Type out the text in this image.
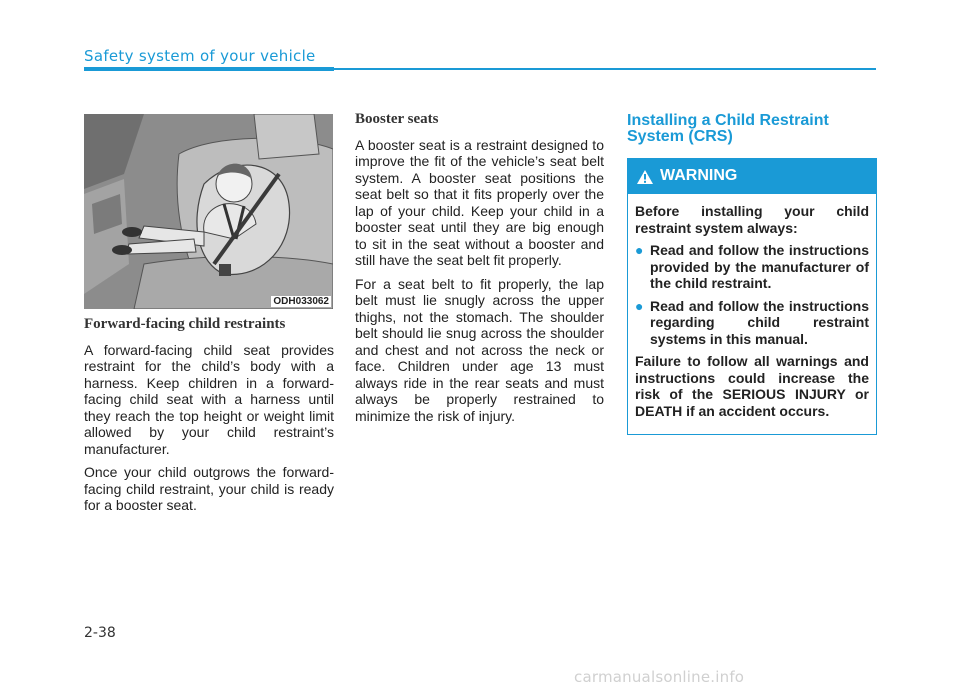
Safety system of your vehicle
ODH033062
Forward-facing child restraints

A forward-facing child seat provides restraint for the child’s body with a harness. Keep children in a forward-facing child seat with a harness until they reach the top height or weight limit allowed by your child restraint’s manufacturer.

Once your child outgrows the forward-facing child restraint, your child is ready for a booster seat.

Booster seats

A booster seat is a restraint designed to improve the fit of the vehicle’s seat belt system. A booster seat positions the seat belt so that it fits properly over the lap of your child. Keep your child in a booster seat until they are big enough to sit in the seat without a booster and still have the seat belt fit properly.

For a seat belt to fit properly, the lap belt must lie snugly across the upper thighs, not the stomach. The shoulder belt should lie snug across the shoulder and chest and not across the neck or face. Children under age 13 must always ride in the rear seats and must always be properly restrained to minimize the risk of injury.

Installing a Child Restraint System (CRS)
WARNING

Before installing your child restraint system always:

● Read and follow the instructions provided by the manufacturer of the child restraint.
● Read and follow the instructions regarding child restraint systems in this manual.

Failure to follow all warnings and instructions could increase the risk of the SERIOUS INJURY or DEATH if an accident occurs.

2-38
carmanualsonline.info
